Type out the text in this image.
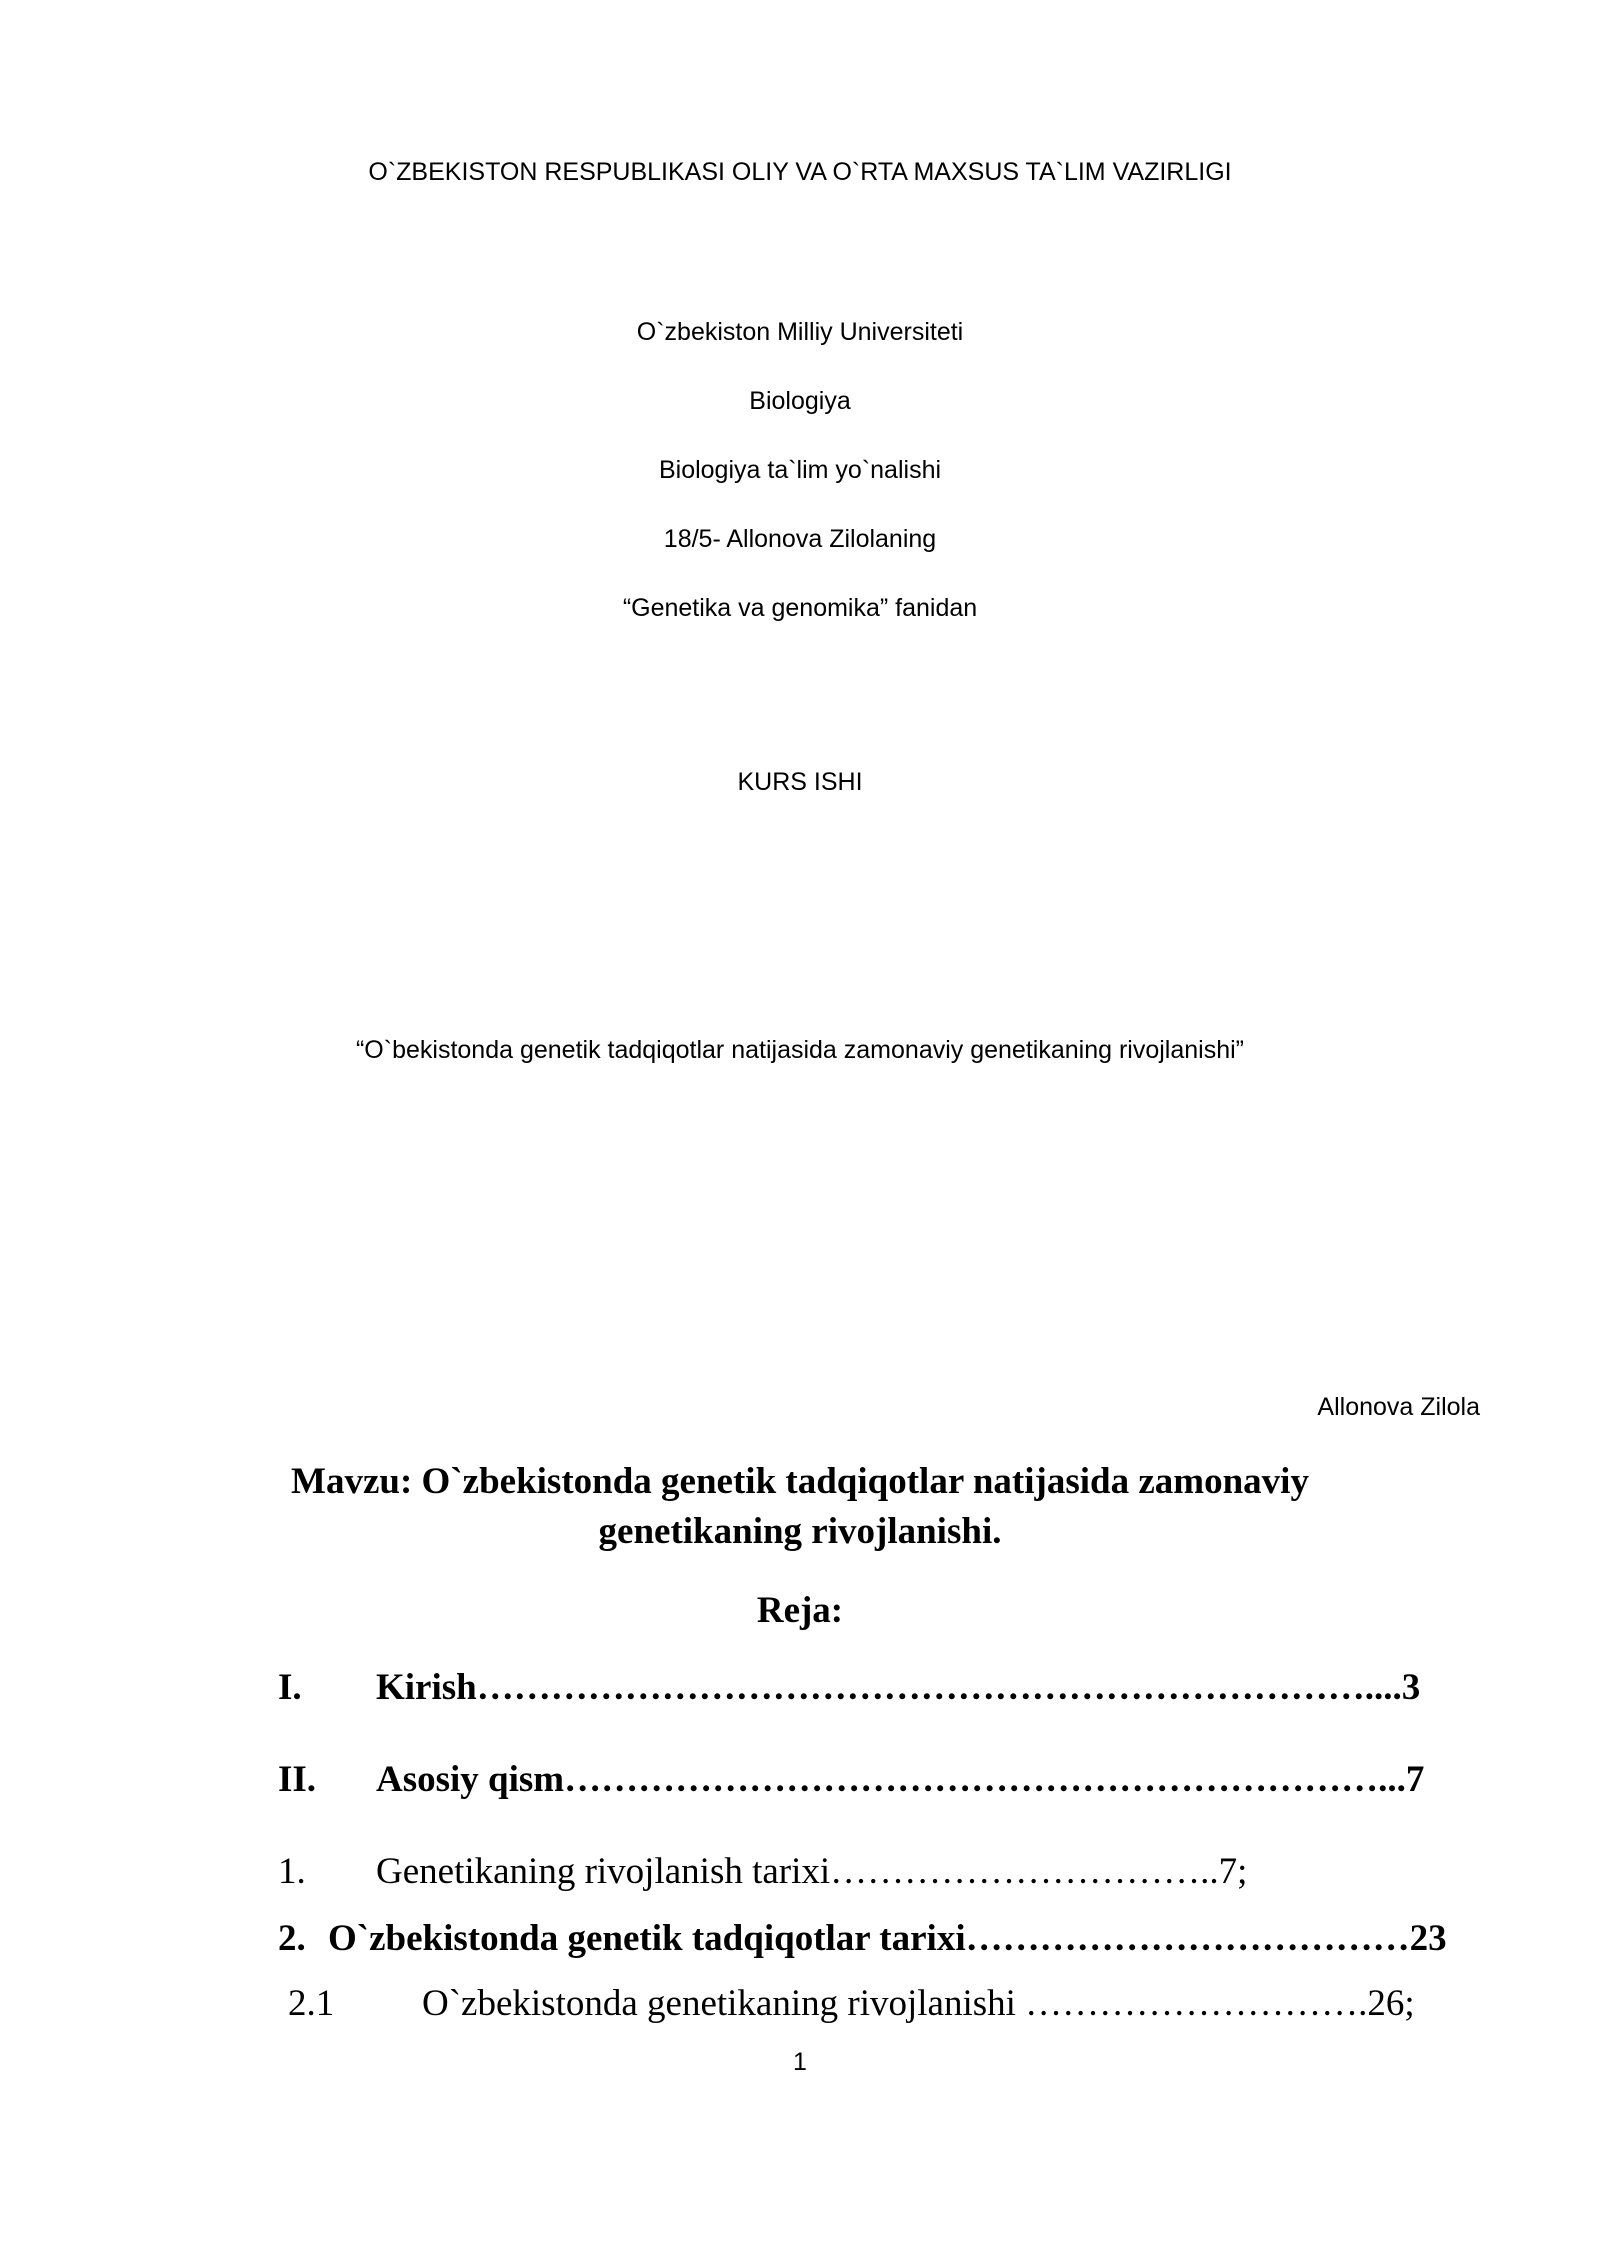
O`ZBEKISTON RESPUBLIKASI OLIY VA O`RTA MAXSUS TA`LIM VAZIRLIGI
O`zbekiston Milliy Universiteti
Biologiya
Biologiya ta`lim yo`nalishi
18/5- Allonova Zilolaning
“Genetika va genomika” fanidan
KURS ISHI
“O`bekistonda genetik tadqiqotlar natijasida zamonaviy genetikaning rivojlanishi”
Allonova Zilola
Mavzu: O`zbekistonda genetik tadqiqotlar natijasida zamonaviy
genetikaning rivojlanishi.
Reja:
I. Kirish………………………………………………………………....3
II. Asosiy qism…………………………………………………………...7
1. Genetikaning rivojlanish tarixi…………………………..7;
2. O`zbekistonda genetik tadqiqotlar tarixi………………………………23
2.1 O`zbekistonda genetikaning rivojlanishi ……………………….26;
1
